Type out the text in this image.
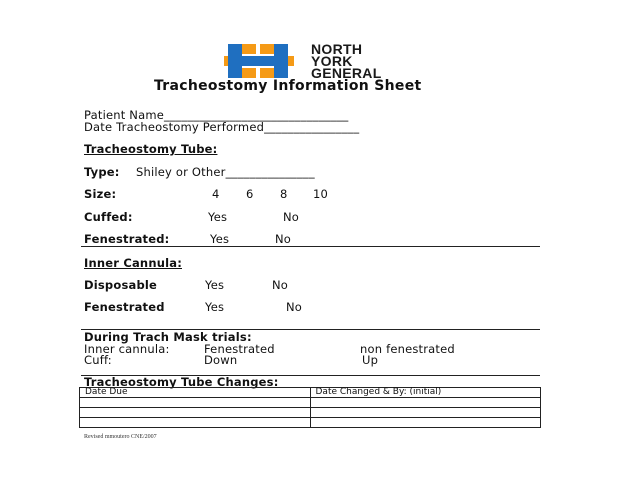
NORTH
YORK
GENERAL
Tracheostomy Information Sheet
Patient Name_______________________________
Date Tracheostomy Performed________________
Tracheostomy Tube:
Type: Shiley or Other_______________
Size:	4 6 8 10
Cuffed:	Yes	No
Fenestrated:	Yes	No
Inner Cannula:
Disposable	Yes	No
Fenestrated	Yes	No
During Trach Mask trials:
Inner cannula:	Fenestrated	non fenestrated
Cuff:	Down	Up
Tracheostomy Tube Changes:
Date Due	Date Changed & By: (initial)

Revised mmoutero CNE/2007
